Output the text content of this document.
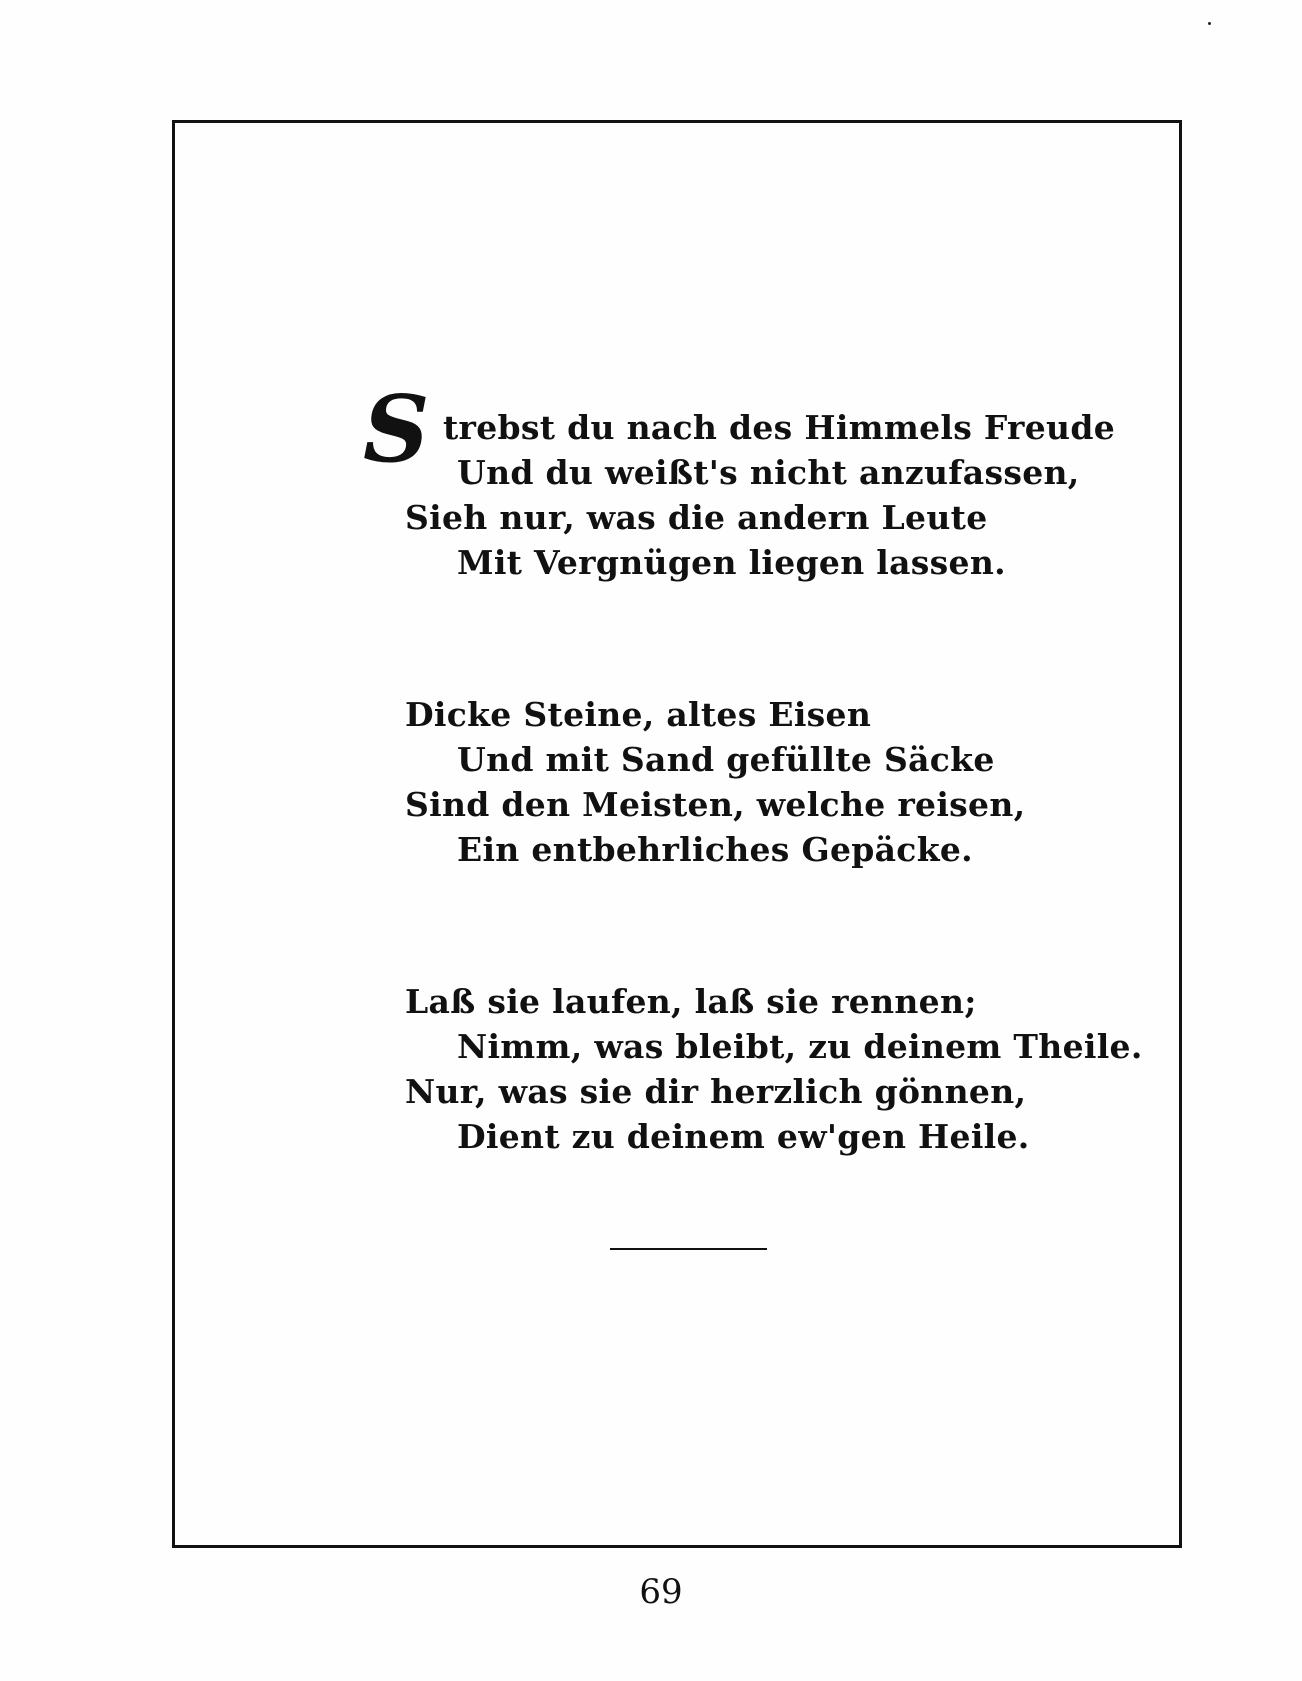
S trebst du nach des Himmels Freude
Und du weißt's nicht anzufassen,
Sieh nur, was die andern Leute
Mit Vergnügen liegen lassen.
Dicke Steine, altes Eisen
Und mit Sand gefüllte Säcke
Sind den Meisten, welche reisen,
Ein entbehrliches Gepäcke.
Laß sie laufen, laß sie rennen;
Nimm, was bleibt, zu deinem Theile.
Nur, was sie dir herzlich gönnen,
Dient zu deinem ew'gen Heile.
69
